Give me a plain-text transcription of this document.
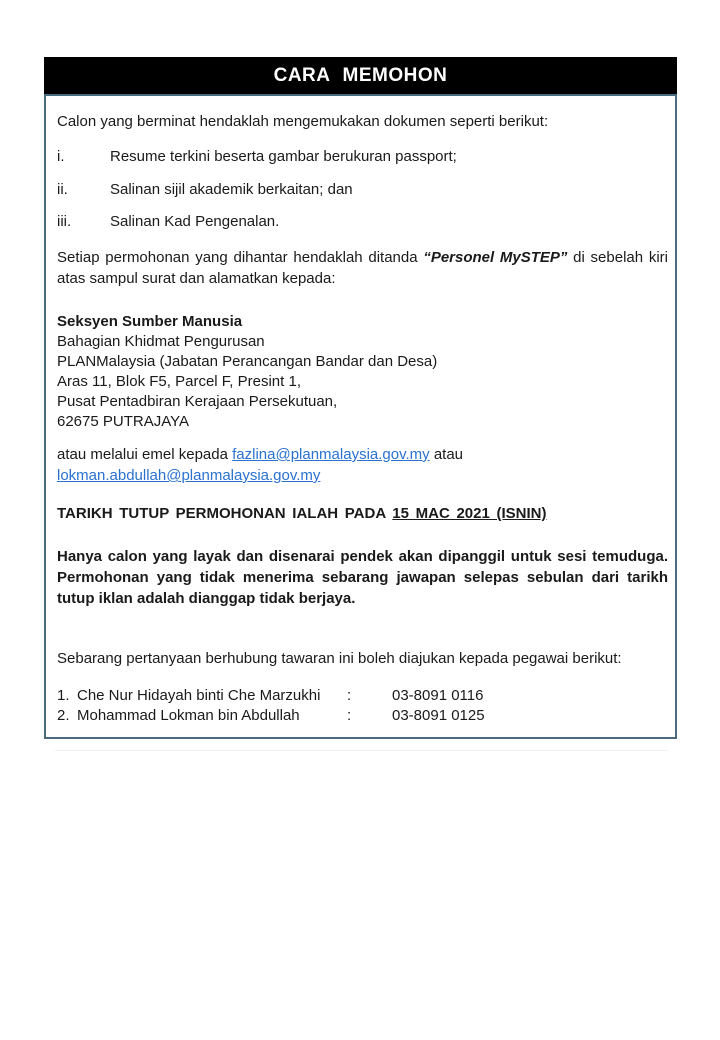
CARA MEMOHON
Calon yang berminat hendaklah mengemukakan dokumen seperti berikut:
i.	Resume terkini beserta gambar berukuran passport;
ii.	Salinan sijil akademik berkaitan; dan
iii.	Salinan Kad Pengenalan.
Setiap permohonan yang dihantar hendaklah ditanda “Personel MySTEP” di sebelah kiri atas sampul surat dan alamatkan kepada:
Seksyen Sumber Manusia
Bahagian Khidmat Pengurusan
PLANMalaysia (Jabatan Perancangan Bandar dan Desa)
Aras 11, Blok F5, Parcel F, Presint 1,
Pusat Pentadbiran Kerajaan Persekutuan,
62675 PUTRAJAYA
atau melalui emel kepada fazlina@planmalaysia.gov.my atau lokman.abdullah@planmalaysia.gov.my
TARIKH TUTUP PERMOHONAN IALAH PADA 15 MAC 2021 (ISNIN)
Hanya calon yang layak dan disenarai pendek akan dipanggil untuk sesi temuduga. Permohonan yang tidak menerima sebarang jawapan selepas sebulan dari tarikh tutup iklan adalah dianggap tidak berjaya.
Sebarang pertanyaan berhubung tawaran ini boleh diajukan kepada pegawai berikut:
1. Che Nur Hidayah binti Che Marzukhi	:	03-8091 0116
2. Mohammad Lokman bin Abdullah	:	03-8091 0125
